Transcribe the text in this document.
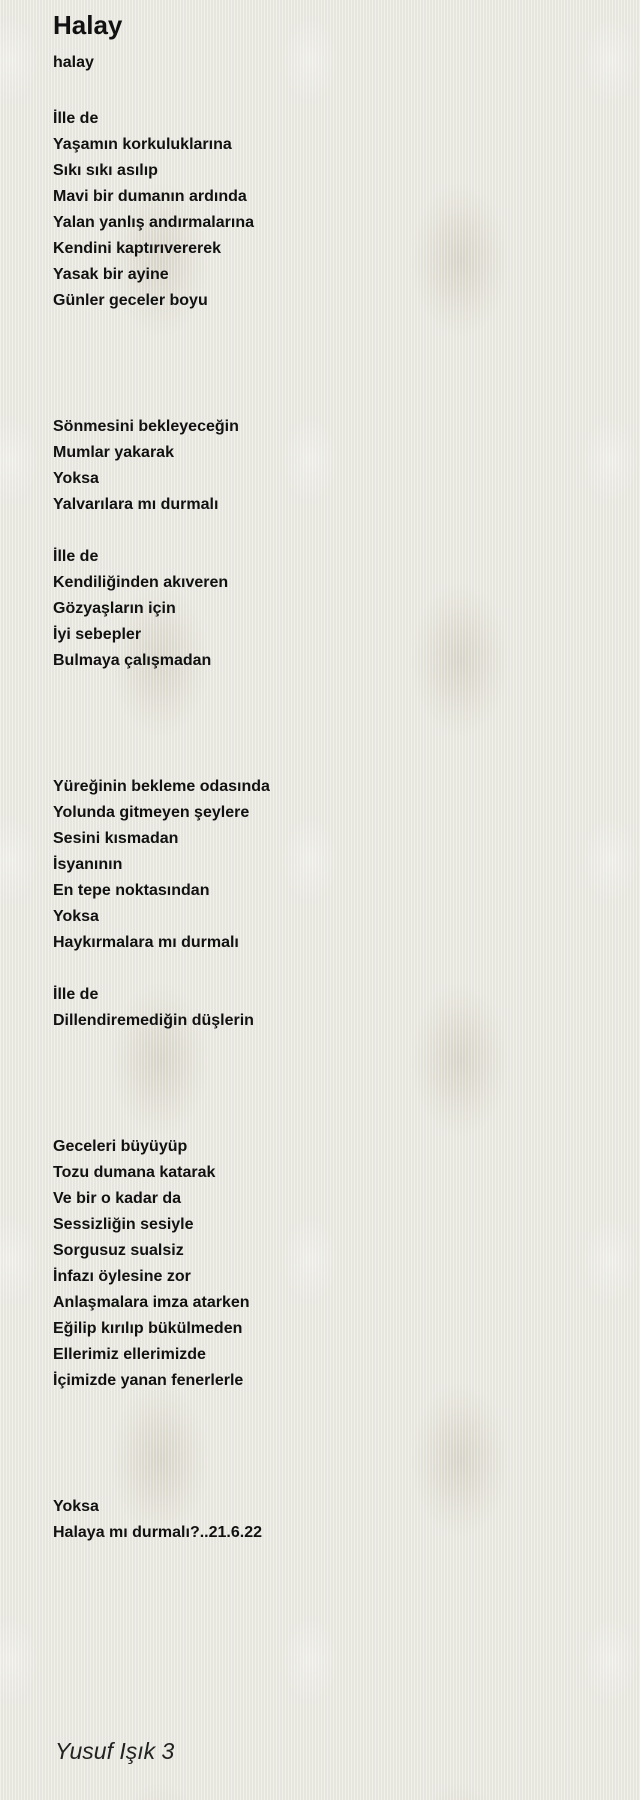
Halay
halay
İlle de
Yaşamın korkuluklarına
Sıkı sıkı asılıp
Mavi bir dumanın ardında
Yalan yanlış andırmalarına
Kendini kaptırıvererek
Yasak bir ayine
Günler geceler boyu
Sönmesini bekleyeceğin
Mumlar yakarak
Yoksa
Yalvarılara mı durmalı
İlle de
Kendiliğinden akıveren
Gözyaşların için
İyi sebepler
Bulmaya çalışmadan
Yüreğinin bekleme odasında
Yolunda gitmeyen şeylere
Sesini kısmadan
İsyanının
En tepe noktasından
Yoksa
Haykırmalara mı durmalı
İlle de
Dillendiremediğin düşlerin
Geceleri büyüyüp
Tozu dumana katarak
Ve bir o kadar da
Sessizliğin sesiyle
Sorgusuz sualsiz
İnfazı öylesine zor
Anlaşmalara imza atarken
Eğilip kırılıp bükülmeden
Ellerimiz ellerimizde
İçimizde yanan fenerlerle
Yoksa
Halaya mı durmalı?..21.6.22
Yusuf Işık 3
